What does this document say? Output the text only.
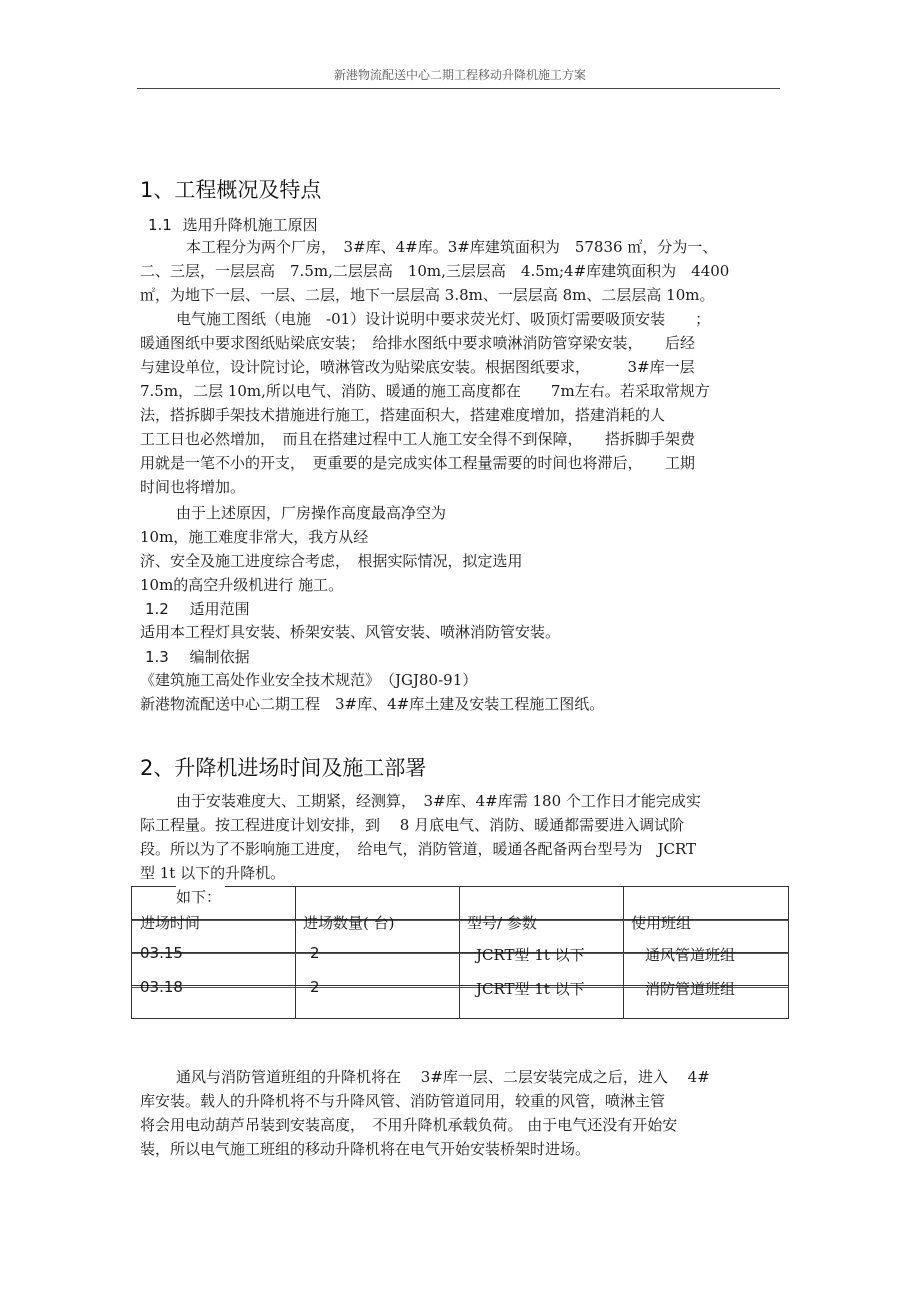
新港物流配送中心二期工程移动升降机施工方案
1、工程概况及特点
1.1 选用升降机施工原因
本工程分为两个厂房，　3#库、4#库。3#库建筑面积为　57836 ㎡，分为一、
二、三层，一层层高　7.5m,二层层高　10m,三层层高　4.5m;4#库建筑面积为　4400
㎡，为地下一层、一层、二层，地下一层层高 3.8m、一层层高 8m、二层层高 10m。
电气施工图纸（电施　-01）设计说明中要求荧光灯、吸顶灯需要吸顶安装　　；
暖通图纸中要求图纸贴梁底安装；　给排水图纸中要求喷淋消防管穿梁安装，　　后经
与建设单位，设计院讨论，喷淋管改为贴梁底安装。根据图纸要求，　　　3#库一层
7.5m，二层 10m,所以电气、消防、暖通的施工高度都在　　7m左右。若采取常规方
法，搭拆脚手架技术措施进行施工，搭建面积大，搭建难度增加，搭建消耗的人
工工日也必然增加，　而且在搭建过程中工人施工安全得不到保障，　　搭拆脚手架费
用就是一笔不小的开支，　更重要的是完成实体工程量需要的时间也将滞后，　　工期
时间也将增加。
由于上述原因，厂房操作高度最高净空为
10m，施工难度非常大，我方从经
济、安全及施工进度综合考虑，　根据实际情况，拟定选用
10m的高空升级机进行 施工。
1.2 适用范围
适用本工程灯具安装、桥架安装、风管安装、喷淋消防管安装。
1.3 编制依据
《建筑施工高处作业安全技术规范》　（JGJ80-91）
新港物流配送中心二期工程　3#库、4#库土建及安装工程施工图纸。
2、升降机进场时间及施工部署
由于安装难度大、工期紧，经测算，　3#库、4#库需 180 个工作日才能完成实
际工程量。按工程进度计划安排，到　 8 月底电气、消防、暖通都需要进入调试阶
段。所以为了不影响施工进度，　给电气，消防管道，暖通各配备两台型号为　JCRT
型 1t 以下的升降机。

如下：
进场时间	进场数量( 台)	型号/ 参数	使用班组
03.15	2	JCRT型 1t 以下	通风管道班组
03.18	2	JCRT型 1t 以下	消防管道班组
通风与消防管道班组的升降机将在　 3#库一层、二层安装完成之后，进入　 4#
库安装。载人的升降机将不与升降风管、消防管道同用，较重的风管，喷淋主管
将会用电动葫芦吊装到安装高度，　不用升降机承载负荷。 由于电气还没有开始安
装，所以电气施工班组的移动升降机将在电气开始安装桥架时进场。
